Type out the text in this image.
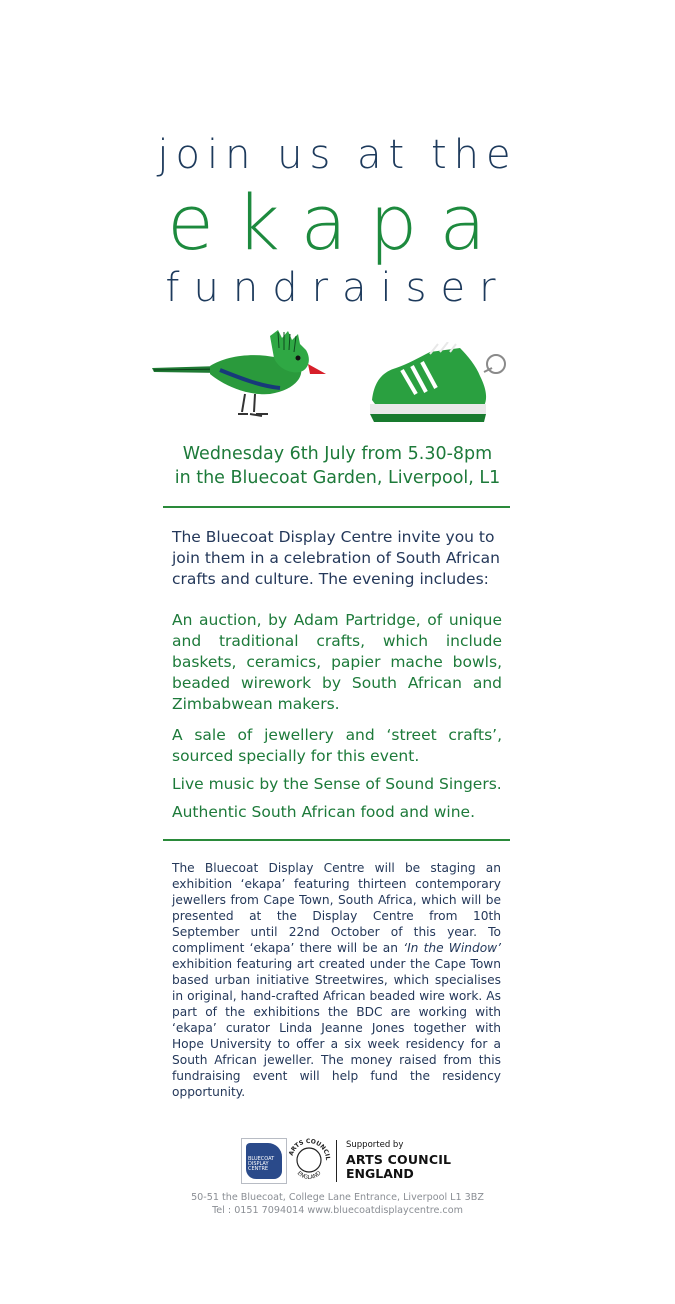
join us at the
ekapa
fundraiser
Wednesday 6th July from 5.30-8pm
in the Bluecoat Garden, Liverpool, L1
The Bluecoat Display Centre invite you to join them in a celebration of South African crafts and culture. The evening includes:
An auction, by Adam Partridge, of unique and traditional crafts, which include baskets, ceramics, papier mache bowls, beaded wirework by South African and Zimbabwean makers.
A sale of jewellery and ‘street crafts’, sourced specially for this event.
Live music by the Sense of Sound Singers.
Authentic South African food and wine.
The Bluecoat Display Centre will be staging an exhibition ‘ekapa’ featuring thirteen contemporary jewellers from Cape Town, South Africa, which will be presented at the Display Centre from 10th September until 22nd October of this year. To compliment ‘ekapa’ there will be an ‘In the Window’ exhibition featuring art created under the Cape Town based urban initiative Streetwires, which specialises in original, hand-crafted African beaded wire work. As part of the exhibitions the BDC are working with ‘ekapa’ curator Linda Jeanne Jones together with Hope University to offer a six week residency for a South African jeweller. The money raised from this fundraising event will help fund the residency opportunity.
BLUECOAT DISPLAY CENTRE
ARTS COUNCIL
ENGLAND
Supported by
ARTS COUNCIL
ENGLAND
50-51 the Bluecoat, College Lane Entrance, Liverpool L1 3BZ
Tel : 0151 7094014 www.bluecoatdisplaycentre.com
